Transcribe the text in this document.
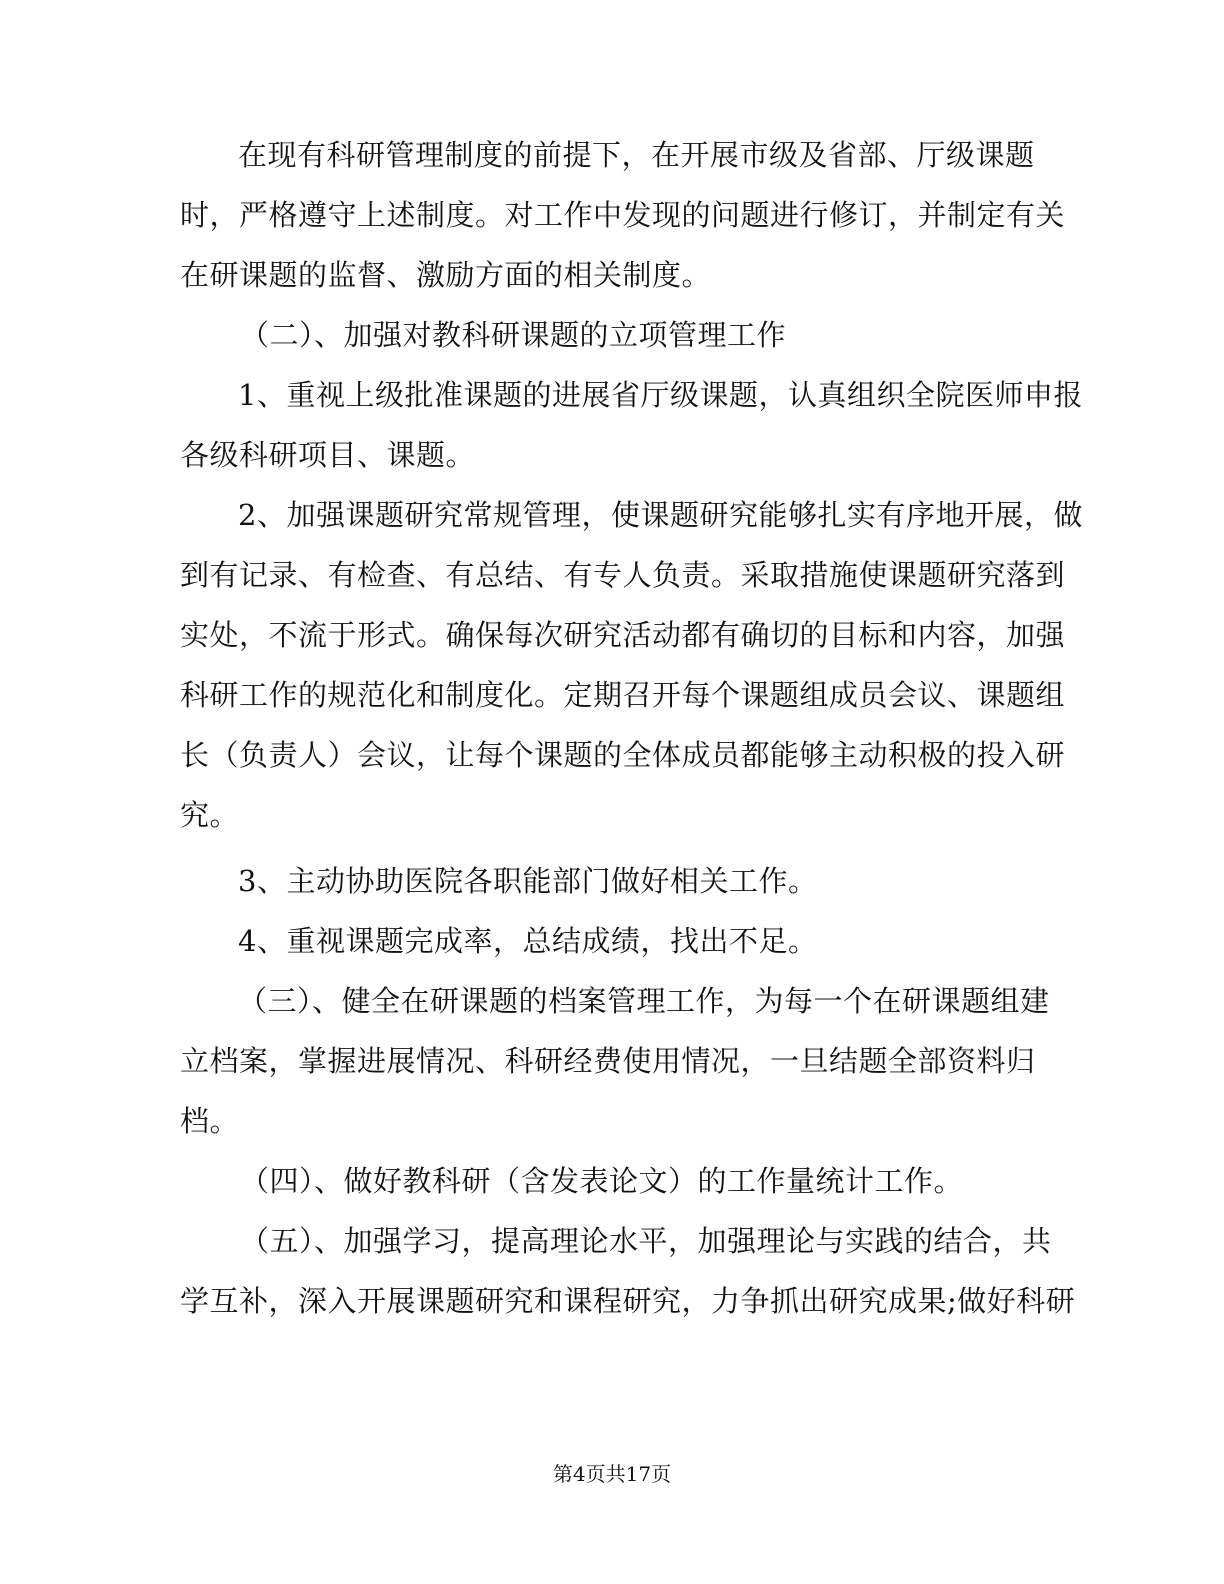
在现有科研管理制度的前提下，在开展市级及省部、厅级课题
时，严格遵守上述制度。对工作中发现的问题进行修订，并制定有关
在研课题的监督、激励方面的相关制度。
（二）、加强对教科研课题的立项管理工作
1、重视上级批准课题的进展省厅级课题，认真组织全院医师申报
各级科研项目、课题。
2、加强课题研究常规管理，使课题研究能够扎实有序地开展，做
到有记录、有检查、有总结、有专人负责。采取措施使课题研究落到
实处，不流于形式。确保每次研究活动都有确切的目标和内容，加强
科研工作的规范化和制度化。定期召开每个课题组成员会议、课题组
长（负责人）会议，让每个课题的全体成员都能够主动积极的投入研
究。
3、主动协助医院各职能部门做好相关工作。
4、重视课题完成率，总结成绩，找出不足。
（三）、健全在研课题的档案管理工作，为每一个在研课题组建
立档案，掌握进展情况、科研经费使用情况，一旦结题全部资料归
档。
（四）、做好教科研（含发表论文）的工作量统计工作。
（五）、加强学习，提高理论水平，加强理论与实践的结合，共
学互补，深入开展课题研究和课程研究，力争抓出研究成果;做好科研
第4页共17页
